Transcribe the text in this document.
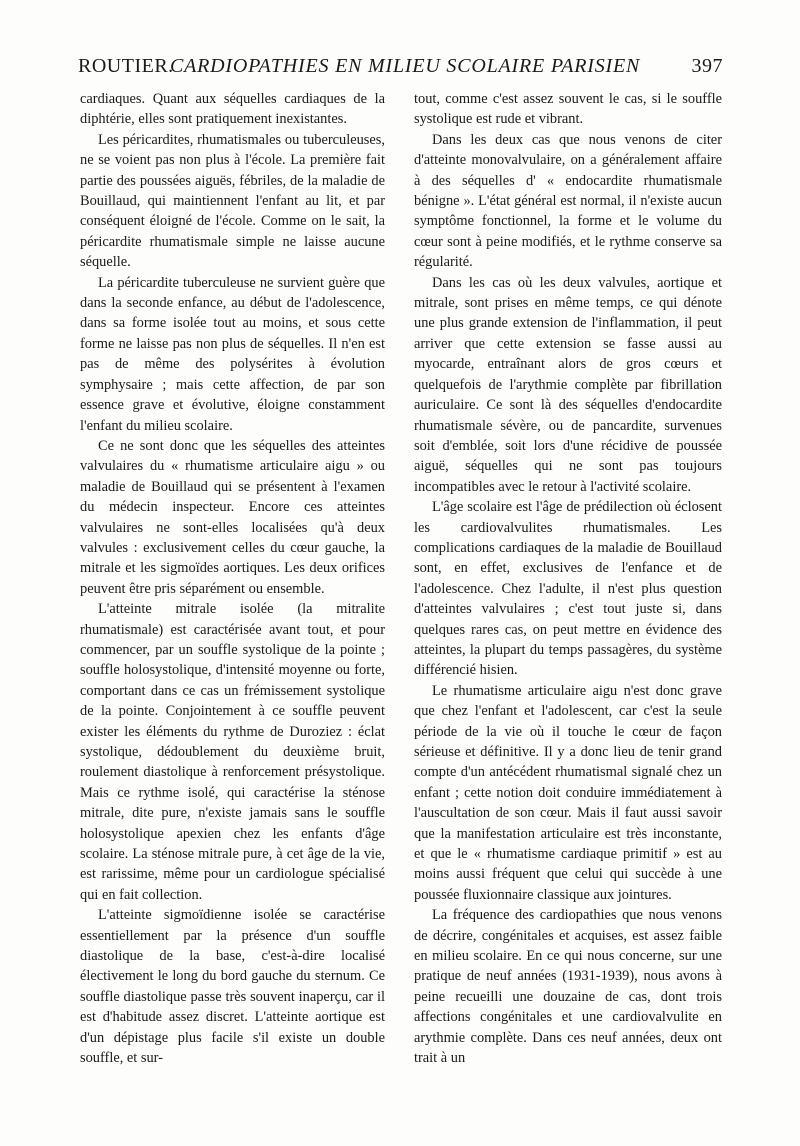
ROUTIER.
CARDIOPATHIES EN MILIEU SCOLAIRE PARISIEN	397

cardiaques. Quant aux séquelles cardiaques de la diphtérie, elles sont pratiquement inexistantes.

Les péricardites, rhumatismales ou tuberculeuses, ne se voient pas non plus à l'école. La première fait partie des poussées aiguës, fébriles, de la maladie de Bouillaud, qui maintiennent l'enfant au lit, et par conséquent éloigné de l'école. Comme on le sait, la péricardite rhumatismale simple ne laisse aucune séquelle.

La péricardite tuberculeuse ne survient guère que dans la seconde enfance, au début de l'adolescence, dans sa forme isolée tout au moins, et sous cette forme ne laisse pas non plus de séquelles. Il n'en est pas de même des polysérites à évolution symphysaire ; mais cette affection, de par son essence grave et évolutive, éloigne constamment l'enfant du milieu scolaire.

Ce ne sont donc que les séquelles des atteintes valvulaires du « rhumatisme articulaire aigu » ou maladie de Bouillaud qui se présentent à l'examen du médecin inspecteur. Encore ces atteintes valvulaires ne sont-elles localisées qu'à deux valvules : exclusivement celles du cœur gauche, la mitrale et les sigmoïdes aortiques. Les deux orifices peuvent être pris séparément ou ensemble.

L'atteinte mitrale isolée (la mitralite rhumatismale) est caractérisée avant tout, et pour commencer, par un souffle systolique de la pointe ; souffle holosystolique, d'intensité moyenne ou forte, comportant dans ce cas un frémissement systolique de la pointe. Conjointement à ce souffle peuvent exister les éléments du rythme de Duroziez : éclat systolique, dédoublement du deuxième bruit, roulement diastolique à renforcement présystolique. Mais ce rythme isolé, qui caractérise la sténose mitrale, dite pure, n'existe jamais sans le souffle holosystolique apexien chez les enfants d'âge scolaire. La sténose mitrale pure, à cet âge de la vie, est rarissime, même pour un cardiologue spécialisé qui en fait collection.

L'atteinte sigmoïdienne isolée se caractérise essentiellement par la présence d'un souffle diastolique de la base, c'est-à-dire localisé électivement le long du bord gauche du sternum. Ce souffle diastolique passe très souvent inaperçu, car il est d'habitude assez discret. L'atteinte aortique est d'un dépistage plus facile s'il existe un double souffle, et sur-

tout, comme c'est assez souvent le cas, si le souffle systolique est rude et vibrant.

Dans les deux cas que nous venons de citer d'atteinte monovalvulaire, on a généralement affaire à des séquelles d' « endocardite rhumatismale bénigne ». L'état général est normal, il n'existe aucun symptôme fonctionnel, la forme et le volume du cœur sont à peine modifiés, et le rythme conserve sa régularité.

Dans les cas où les deux valvules, aortique et mitrale, sont prises en même temps, ce qui dénote une plus grande extension de l'inflammation, il peut arriver que cette extension se fasse aussi au myocarde, entraînant alors de gros cœurs et quelquefois de l'arythmie complète par fibrillation auriculaire. Ce sont là des séquelles d'endocardite rhumatismale sévère, ou de pancardite, survenues soit d'emblée, soit lors d'une récidive de poussée aiguë, séquelles qui ne sont pas toujours incompatibles avec le retour à l'activité scolaire.

L'âge scolaire est l'âge de prédilection où éclosent les cardiovalvulites rhumatismales. Les complications cardiaques de la maladie de Bouillaud sont, en effet, exclusives de l'enfance et de l'adolescence. Chez l'adulte, il n'est plus question d'atteintes valvulaires ; c'est tout juste si, dans quelques rares cas, on peut mettre en évidence des atteintes, la plupart du temps passagères, du système différencié hisien.

Le rhumatisme articulaire aigu n'est donc grave que chez l'enfant et l'adolescent, car c'est la seule période de la vie où il touche le cœur de façon sérieuse et définitive. Il y a donc lieu de tenir grand compte d'un antécédent rhumatismal signalé chez un enfant ; cette notion doit conduire immédiatement à l'auscultation de son cœur. Mais il faut aussi savoir que la manifestation articulaire est très inconstante, et que le « rhumatisme cardiaque primitif » est au moins aussi fréquent que celui qui succède à une poussée fluxionnaire classique aux jointures.

La fréquence des cardiopathies que nous venons de décrire, congénitales et acquises, est assez faible en milieu scolaire. En ce qui nous concerne, sur une pratique de neuf années (1931-1939), nous avons à peine recueilli une douzaine de cas, dont trois affections congénitales et une cardiovalvulite en arythmie complète. Dans ces neuf années, deux ont trait à un
